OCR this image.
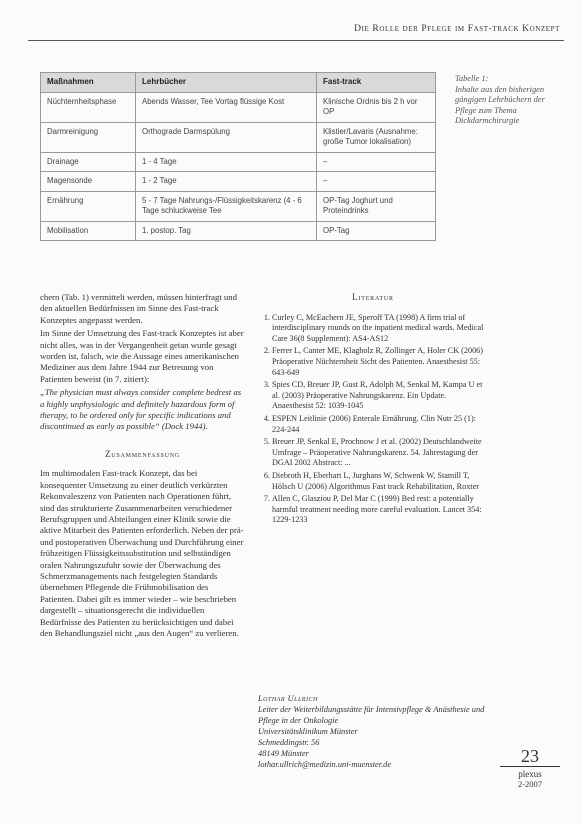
Die Rolle der Pflege im Fast-track Konzept
Maßnahmen	Lehrbücher	Fast-track
Nüchternheitsphase	Abends Wasser, Tee Vortag flüssige Kost	Klinische Ordnis bis 2 h vor OP
Darmreinigung	Orthograde Darmspülung	Klistier/Lavaris (Ausnahme: große Tumor lokalisation)
Drainage	1 - 4 Tage	–
Magensonde	1 - 2 Tage	–
Ernährung	5 - 7 Tage Nahrungs-/Flüssigkeitskarenz (4 - 6 Tage schluckweise Tee	OP-Tag Joghurt und Proteindrinks
Mobilisation	1. postop. Tag	OP-Tag
Tabelle 1:
Inhalte aus den bisherigen gängigen Lehrbüchern der Pflege zum Thema Dickdarmchirurgie

chern (Tab. 1) vermittelt werden, müssen hinterfragt und den aktuellen Bedürfnissen im Sinne des Fast-track Konzeptes angepasst werden.

Im Sinne der Umsetzung des Fast-track Konzeptes ist aber nicht alles, was in der Vergangenheit getan wurde gesagt worden ist, falsch, wie die Aussage eines amerikanischen Mediziner aus dem Jahre 1944 zur Betreuung von Patienten beweist (in 7. zitiert):

„The physician must always consider complete bedrest as a highly unphysiologic and definitely hazardous form of therapy, to be ordered only for specific indications and discontinued as early as possible“ (Dock 1944).

Zusammenfassung

Im multimodalen Fast-track Konzept, das bei konsequenter Umsetzung zu einer deutlich verkürzten Rekonvaleszenz von Patienten nach Operationen führt, sind das strukturierte Zusammenarbeiten verschiedener Berufsgruppen und Abteilungen einer Klinik sowie die aktive Mitarbeit des Patienten erforderlich. Neben der prä- und postoperativen Überwachung und Durchführung einer frühzeitigen Flüssigkeitssubstitution und selbständigen oralen Nahrungszufuhr sowie der Überwachung des Schmerzmanagements nach festgelegten Standards übernehmen Pflegende die Frühmobilisation des Patienten. Dabei gilt es immer wieder – wie beschrieben dargestellt – situationsgerecht die individuellen Bedürfnisse des Patienten zu berücksichtigen und dabei den Behandlungsziel nicht „aus den Augen“ zu verlieren.

Literatur
1. Curley C, McEachern JE, Speroff TA (1998) A firm trial of interdisciplinary rounds on the inpatient medical wards. Medical Care 36(8 Supplement): AS4-AS12
2. Ferrer L, Canter ME, Klagholz R, Zollinger A, Holer CK (2006) Präoperative Nüchternheit Sicht des Patienten. Anaesthesist 55: 643-649
3. Spies CD, Breuer JP, Gust R, Adolph M, Senkal M, Kampa U et al. (2003) Präoperative Nahrungskarenz. Ein Update. Anaesthesist 52: 1039-1045
4. ESPEN Leitlinie (2006) Enterale Ernährung. Clin Nutr 25 (1): 224-244
5. Breuer JP, Senkal E, Prochnow J et al. (2002) Deutschlandweite Umfrage – Präoperative Nahrungskarenz. 54. Jahrestagung der DGAI 2002 Abstract: ...
6. Diebroth H, Eberhart L, Jurghans W, Schwenk W, Stamill T, Hölsch U (2006) Algorithmus Fast track Rehabilitation, Roxter
7. Allen C, Glasziou P, Del Mar C (1999) Bed rest: a potentially harmful treatment needing more careful evaluation. Lancet 354: 1229-1233
Lothar Ullrich
Leiter der Weiterbildungsstätte für Intensivpflege & Anästhesie und Pflege in der Onkologie
Universitätsklinikum Münster
Schmeddingstr. 56
48149 Münster
lothar.ullrich@medizin.uni-muenster.de	23
plexus
2-2007
